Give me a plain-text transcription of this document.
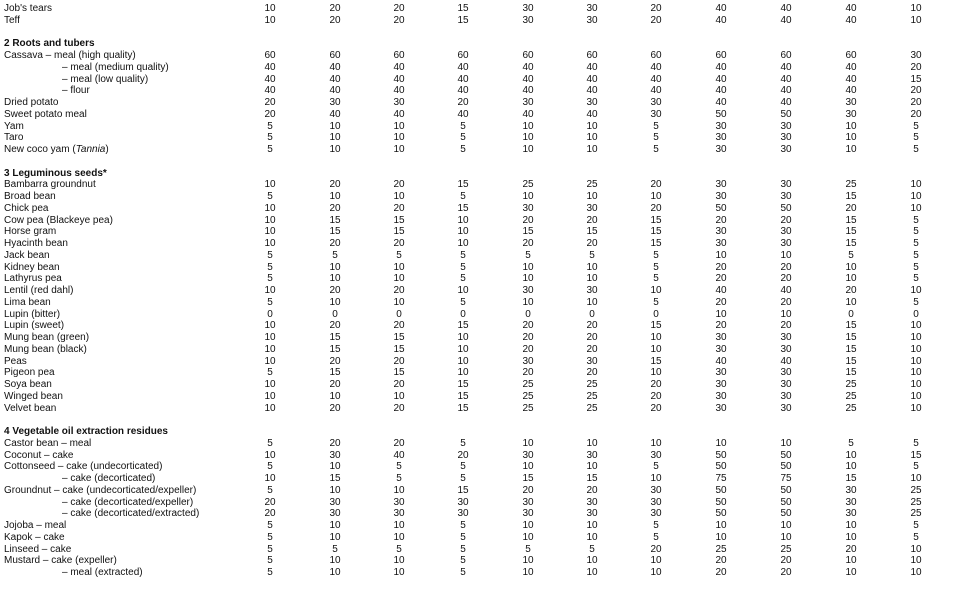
Job's tears	10	20	20	15	30	30	20	40	40	40	10
Teff	10	20	20	15	30	30	20	40	40	40	10
2 Roots and tubers
Cassava – meal (high quality)	60	60	60	60	60	60	60	60	60	60	30
– meal (medium quality)	40	40	40	40	40	40	40	40	40	40	20
– meal (low quality)	40	40	40	40	40	40	40	40	40	40	15
– flour	40	40	40	40	40	40	40	40	40	40	20
Dried potato	20	30	30	20	30	30	30	40	40	30	20
Sweet potato meal	20	40	40	40	40	40	30	50	50	30	20
Yam	5	10	10	5	10	10	5	30	30	10	5
Taro	5	10	10	5	10	10	5	30	30	10	5
New coco yam (Tannia)	5	10	10	5	10	10	5	30	30	10	5
3 Leguminous seeds*
Bambarra groundnut	10	20	20	15	25	25	20	30	30	25	10
Broad bean	5	10	10	5	10	10	10	30	30	15	10
Chick pea	10	20	20	15	30	30	20	50	50	20	10
Cow pea (Blackeye pea)	10	15	15	10	20	20	15	20	20	15	5
Horse gram	10	15	15	10	15	15	15	30	30	15	5
Hyacinth bean	10	20	20	10	20	20	15	30	30	15	5
Jack bean	5	5	5	5	5	5	5	10	10	5	5
Kidney bean	5	10	10	5	10	10	5	20	20	10	5
Lathyrus pea	5	10	10	5	10	10	5	20	20	10	5
Lentil (red dahl)	10	20	20	10	30	30	10	40	40	20	10
Lima bean	5	10	10	5	10	10	5	20	20	10	5
Lupin (bitter)	0	0	0	0	0	0	0	10	10	0	0
Lupin (sweet)	10	20	20	15	20	20	15	20	20	15	10
Mung bean (green)	10	15	15	10	20	20	10	30	30	15	10
Mung bean (black)	10	15	15	10	20	20	10	30	30	15	10
Peas	10	20	20	10	30	30	15	40	40	15	10
Pigeon pea	5	15	15	10	20	20	10	30	30	15	10
Soya bean	10	20	20	15	25	25	20	30	30	25	10
Winged bean	10	10	10	15	25	25	20	30	30	25	10
Velvet bean	10	20	20	15	25	25	20	30	30	25	10
4 Vegetable oil extraction residues
Castor bean – meal	5	20	20	5	10	10	10	10	10	5	5
Coconut – cake	10	30	40	20	30	30	30	50	50	10	15
Cottonseed – cake (undecorticated)	5	10	5	5	10	10	5	50	50	10	5
– cake (decorticated)	10	15	5	5	15	15	10	75	75	15	10
Groundnut – cake (undecorticated/expeller)	5	10	10	15	20	20	30	50	50	30	25
– cake (decorticated/expeller)	20	30	30	30	30	30	30	50	50	30	25
– cake (decorticated/extracted)	20	30	30	30	30	30	30	50	50	30	25
Jojoba – meal	5	10	10	5	10	10	5	10	10	10	5
Kapok – cake	5	10	10	5	10	10	5	10	10	10	5
Linseed – cake	5	5	5	5	5	5	20	25	25	20	10
Mustard – cake (expeller)	5	10	10	5	10	10	10	20	20	10	10
– meal (extracted)	5	10	10	5	10	10	10	20	20	10	10
